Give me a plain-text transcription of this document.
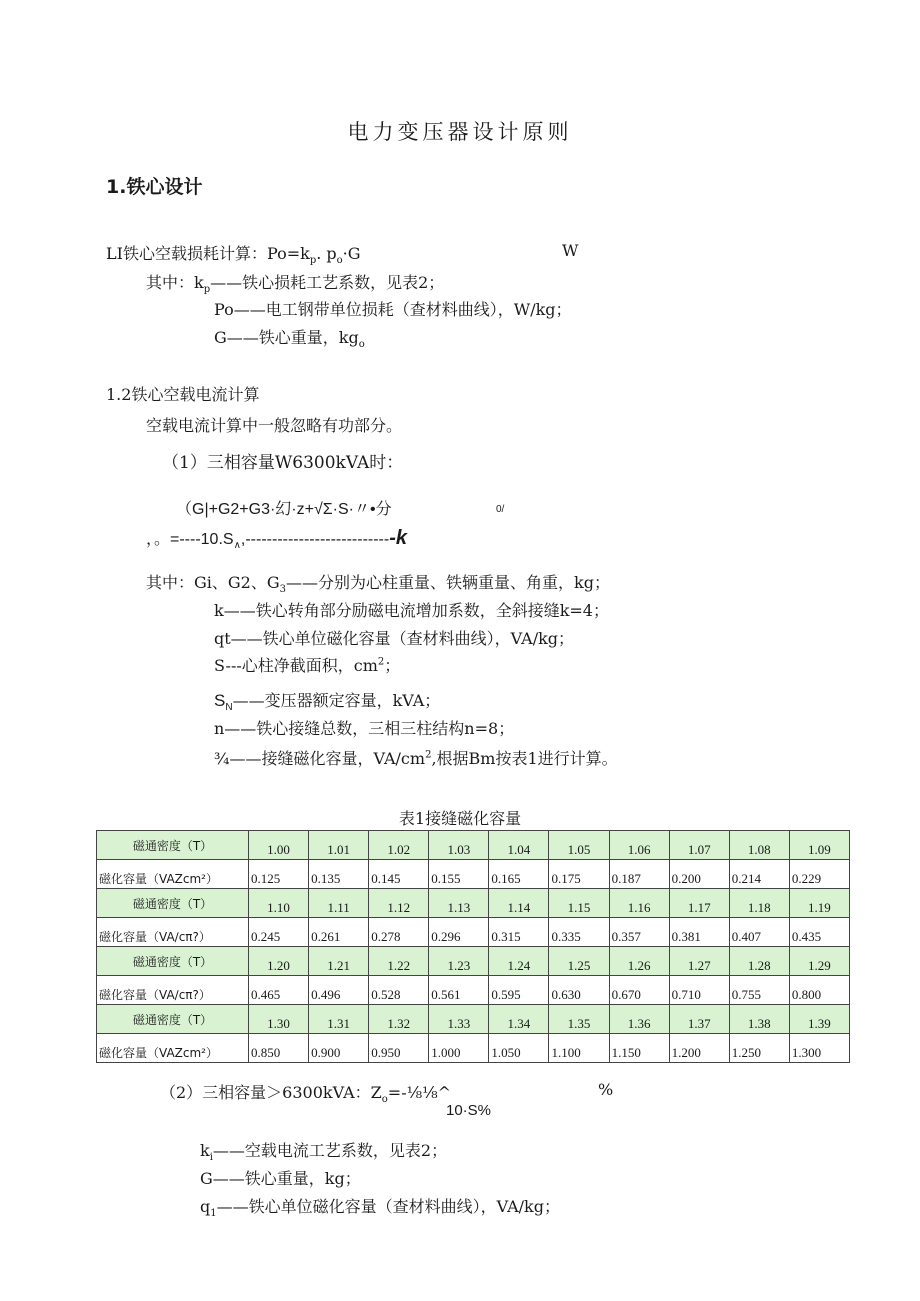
电力变压器设计原则
1.铁心设计
LI铁心空载损耗计算：$Po=k_p$. $p_o\cdot G$	W
其中：$k_p——$铁心损耗工艺系数，见表2；
Po——电工钢带单位损耗（查材料曲线），W/kg；
G——铁心重量，$kg_o$
1.2铁心空载电流计算
空载电流计算中一般忽略有功部分。
（1）三相容量W6300kVA时：
（G|+G2+G3·幻·z+√Σ·S·〃•分	0/
，。$=----10.S_\wedge,----------------------------k$
其中：Gi、G2、$G_3——$分别为心柱重量、铁辆重量、角重，kg；
k——铁心转角部分励磁电流增加系数，全斜接缝k=4；
qt——铁心单位磁化容量（查材料曲线），VA/kg；
S---心柱净截面积，$cm^2$；
$S_N——$变压器额定容量，kVA；
n——铁心接缝总数，三相三柱结构n=8；
¾——接缝磁化容量，$VA/cm^2$,根据Bm按表1进行计算。
表1接缝磁化容量
磁通密度（T）	1.00	1.01	1.02	1.03	1.04	1.05	1.06	1.07	1.08	1.09
磁化容量（VAZcm²）	0.125	0.135	0.145	0.155	0.165	0.175	0.187	0.200	0.214	0.229
磁通密度（T）	1.10	1.11	1.12	1.13	1.14	1.15	1.16	1.17	1.18	1.19
磁化容量（VA∕cπ?）	0.245	0.261	0.278	0.296	0.315	0.335	0.357	0.381	0.407	0.435
磁通密度（T）	1.20	1.21	1.22	1.23	1.24	1.25	1.26	1.27	1.28	1.29
磁化容量（VA∕cπ?）	0.465	0.496	0.528	0.561	0.595	0.630	0.670	0.710	0.755	0.800
磁通密度（T）	1.30	1.31	1.32	1.33	1.34	1.35	1.36	1.37	1.38	1.39
磁化容量（VAZcm²）	0.850	0.900	0.950	1.000	1.050	1.100	1.150	1.200	1.250	1.300
（2）三相容量＞6300kVA：$Z_o=-\frac{1}{8}\frac{1}{8}\^{}$	%
10·S%
$k_i——$空载电流工艺系数，见表2；
G——铁心重量，kg；
$q_1——$铁心单位磁化容量（查材料曲线），VA/kg；
